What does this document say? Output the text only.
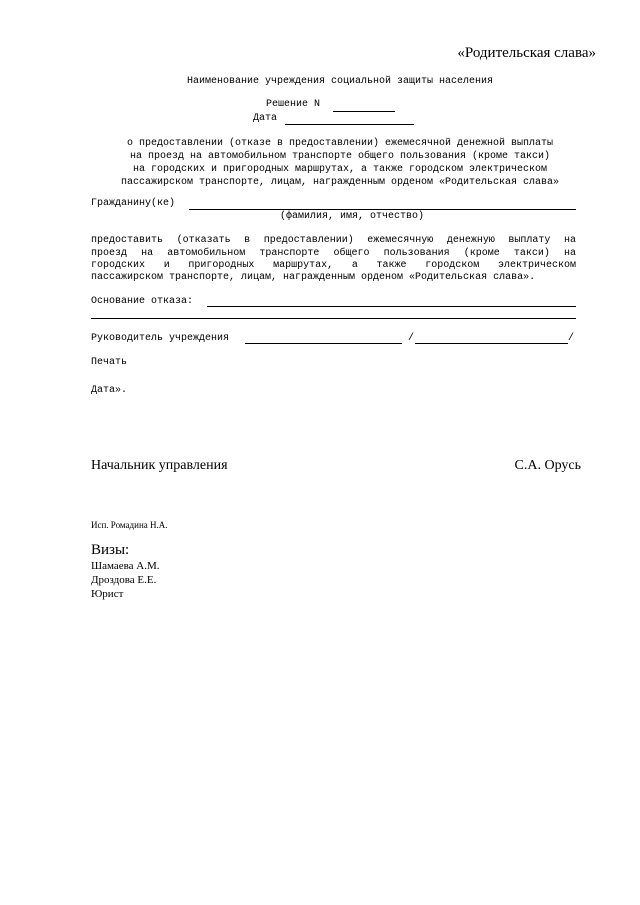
«Родительская слава»
Наименование учреждения социальной защиты населения
Решение N
Дата
о предоставлении (отказе в предоставлении) ежемесячной денежной выплаты
на проезд на автомобильном транспорте общего пользования (кроме такси)
на городских и пригородных маршрутах, а также городском электрическом
пассажирском транспорте, лицам, награжденным орденом «Родительская слава»
Гражданину(ке)
(фамилия, имя, отчество)
предоставить (отказать в предоставлении) ежемесячную денежную выплату на
проезд на автомобильном транспорте общего пользования (кроме такси) на
городских и пригородных маршрутах, а также городском электрическом
пассажирском транспорте, лицам, награжденным орденом «Родительская слава».
Основание отказа:
Руководитель учреждения	/	/
Печать
Дата».
Начальник управления	С.А. Орусь
Исп. Ромадина Н.А.
Визы:
Шамаева А.М.
Дроздова Е.Е.
Юрист
